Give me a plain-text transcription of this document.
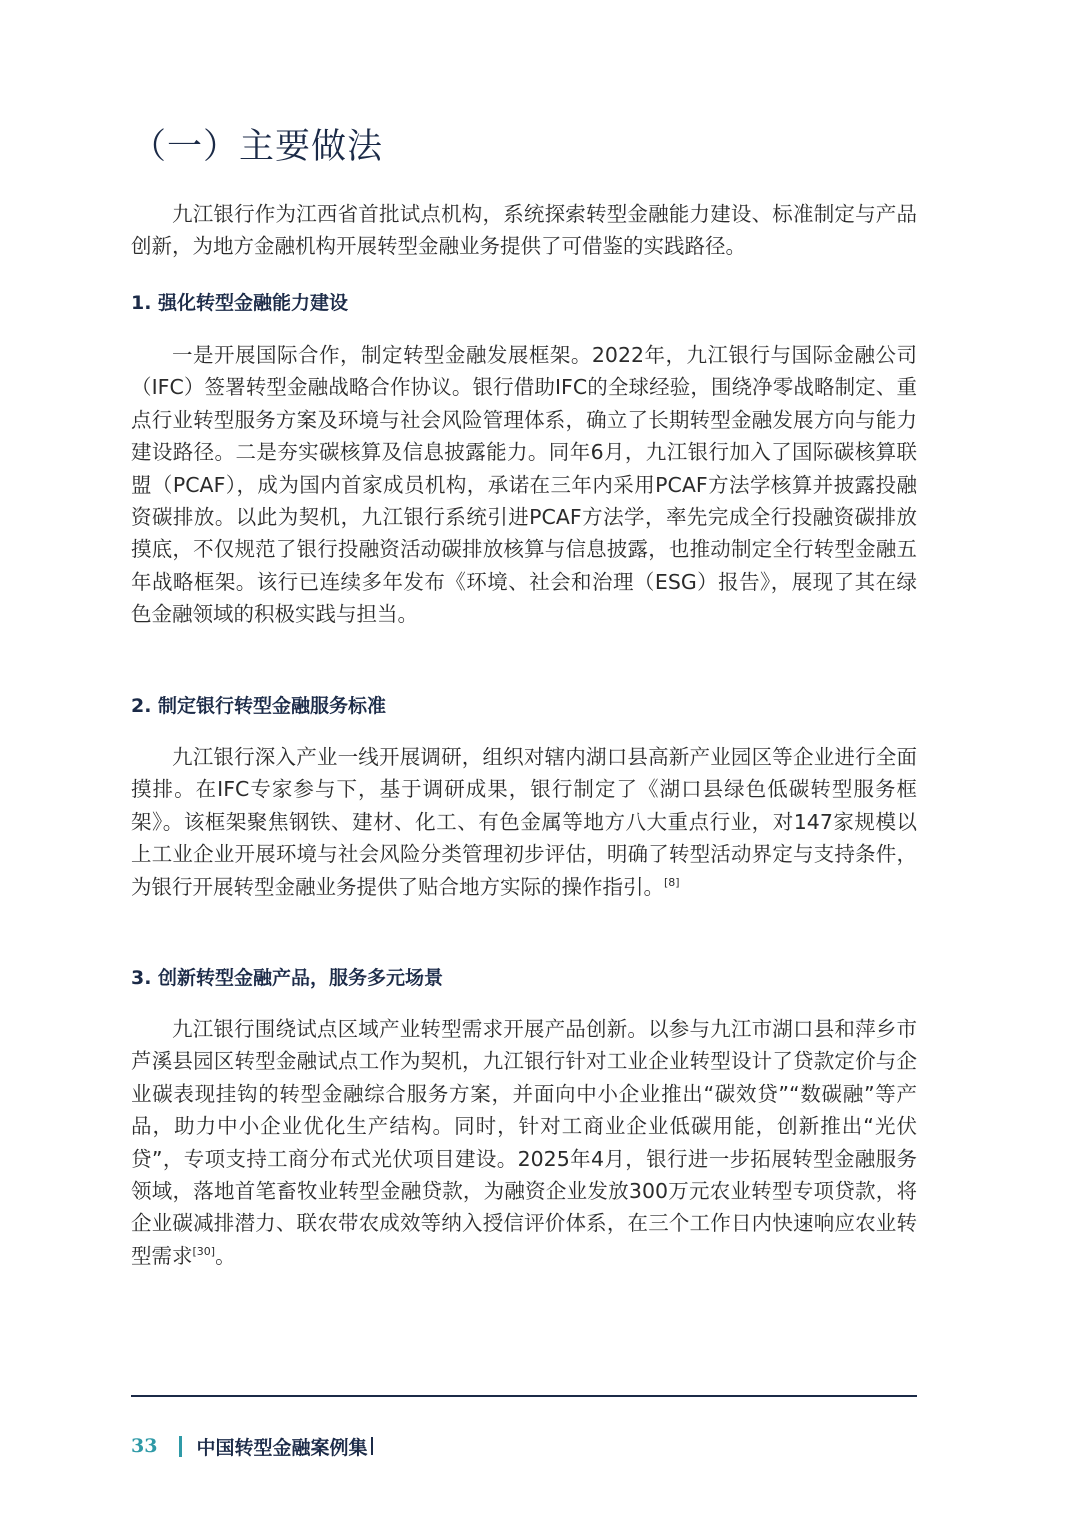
（一）主要做法

九江银行作为江西省首批试点机构，系统探索转型金融能力建设、标准制定与产品创新，为地方金融机构开展转型金融业务提供了可借鉴的实践路径。

1. 强化转型金融能力建设

一是开展国际合作，制定转型金融发展框架。2022年，九江银行与国际金融公司（IFC）签署转型金融战略合作协议。银行借助IFC的全球经验，围绕净零战略制定、重点行业转型服务方案及环境与社会风险管理体系，确立了长期转型金融发展方向与能力建设路径。二是夯实碳核算及信息披露能力。同年6月，九江银行加入了国际碳核算联盟（PCAF），成为国内首家成员机构，承诺在三年内采用PCAF方法学核算并披露投融资碳排放。以此为契机，九江银行系统引进PCAF方法学，率先完成全行投融资碳排放摸底，不仅规范了银行投融资活动碳排放核算与信息披露，也推动制定全行转型金融五年战略框架。该行已连续多年发布《环境、社会和治理（ESG）报告》，展现了其在绿色金融领域的积极实践与担当。

2. 制定银行转型金融服务标准

九江银行深入产业一线开展调研，组织对辖内湖口县高新产业园区等企业进行全面摸排。在IFC专家参与下，基于调研成果，银行制定了《湖口县绿色低碳转型服务框架》。该框架聚焦钢铁、建材、化工、有色金属等地方八大重点行业，对147家规模以上工业企业开展环境与社会风险分类管理初步评估，明确了转型活动界定与支持条件，为银行开展转型金融业务提供了贴合地方实际的操作指引。[8]

3. 创新转型金融产品，服务多元场景

九江银行围绕试点区域产业转型需求开展产品创新。以参与九江市湖口县和萍乡市芦溪县园区转型金融试点工作为契机，九江银行针对工业企业转型设计了贷款定价与企业碳表现挂钩的转型金融综合服务方案，并面向中小企业推出“碳效贷”“数碳融”等产品，助力中小企业优化生产结构。同时，针对工商业企业低碳用能，创新推出“光伏贷”，专项支持工商分布式光伏项目建设。2025年4月，银行进一步拓展转型金融服务领域，落地首笔畜牧业转型金融贷款，为融资企业发放300万元农业转型专项贷款，将企业碳减排潜力、联农带农成效等纳入授信评价体系，在三个工作日内快速响应农业转型需求[30]。

33 中国转型金融案例集
